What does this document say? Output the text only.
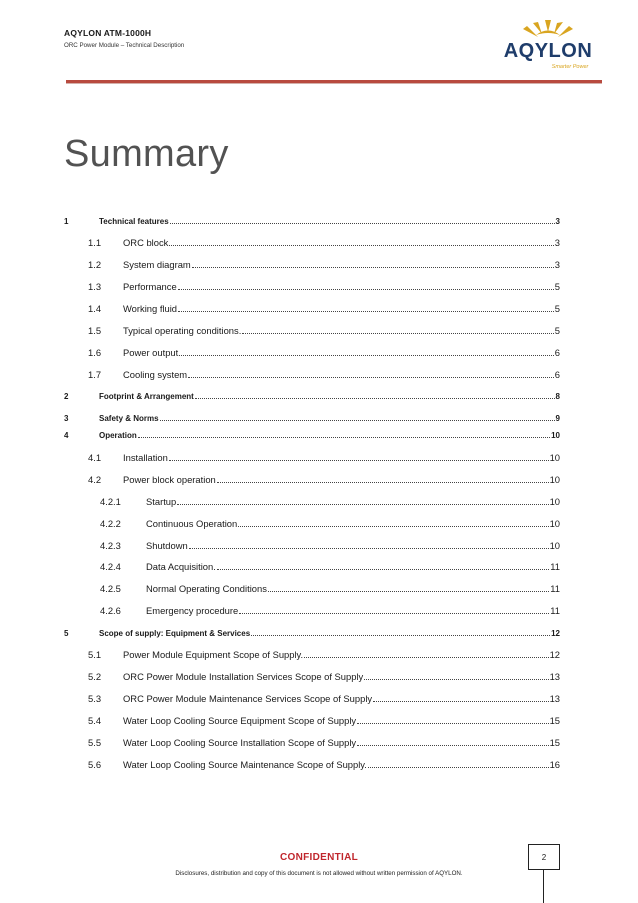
AQYLON ATM-1000H
ORC Power Module – Technical Description	AQYLON
Smarter Power
Summary
1	Technical features	3
1.1	ORC block	3
1.2	System diagram	3
1.3	Performance	5
1.4	Working fluid	5
1.5	Typical operating conditions.	5
1.6	Power output	6
1.7	Cooling system	6
2	Footprint & Arrangement	8
3	Safety & Norms	9
4	Operation	10
4.1	Installation	10
4.2	Power block operation	10
4.2.1	Startup	10
4.2.2	Continuous Operation	10
4.2.3	Shutdown	10
4.2.4	Data Acquisition.	11
4.2.5	Normal Operating Conditions	11
4.2.6	Emergency procedure	11
5	Scope of supply: Equipment & Services	12
5.1	Power Module Equipment Scope of Supply.	12
5.2	ORC Power Module Installation Services Scope of Supply	13
5.3	ORC Power Module Maintenance Services Scope of Supply	13
5.4	Water Loop Cooling Source Equipment Scope of Supply	15
5.5	Water Loop Cooling Source Installation Scope of Supply	15
5.6	Water Loop Cooling Source Maintenance Scope of Supply.	16
CONFIDENTIAL
Disclosures, distribution and copy of this document is not allowed without written permission of AQYLON.
2
